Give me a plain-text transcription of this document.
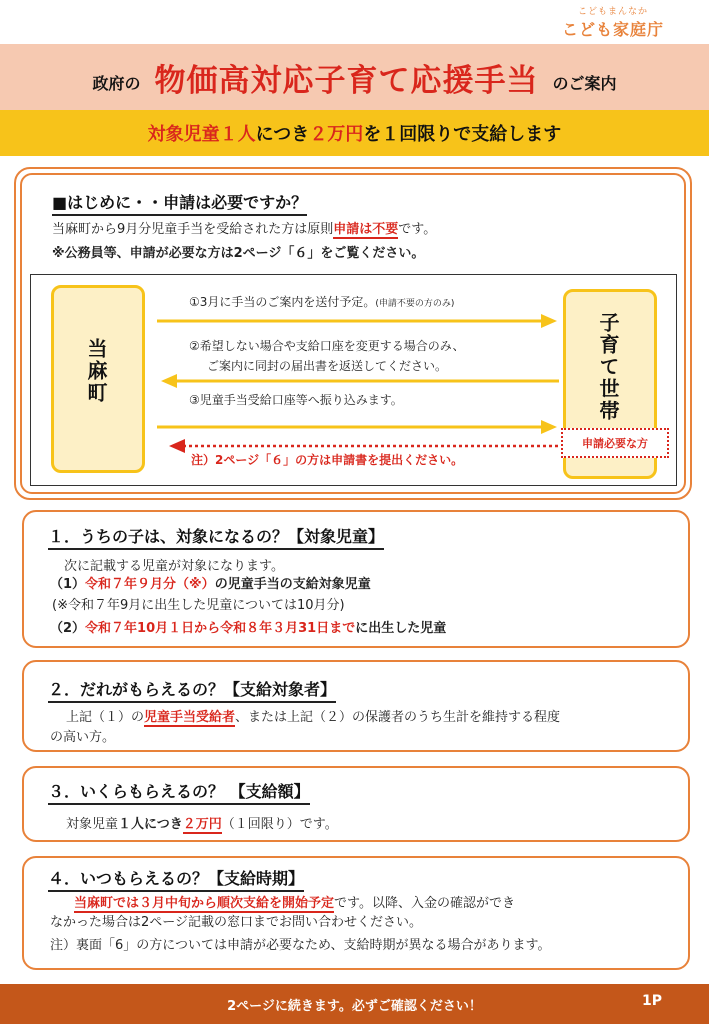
こどもまんなか
こども家庭庁
政府の 物価高対応子育て応援手当 のご案内
対象児童 １人 につき ２万円 を１回限りで支給します
■はじめに・・申請は必要ですか？
当麻町から9月分児童手当を受給された方は原則申請は不要です。
※公務員等、申請が必要な方は2ページ「６」をご覧ください。
当麻町	子育て世帯
①3月に手当のご案内を送付予定。(申請不要の方のみ)
②希望しない場合や支給口座を変更する場合のみ、
ご案内に同封の届出書を返送してください。
③児童手当受給口座等へ振り込みます。
注）2ページ「６」の方は申請書を提出ください。
申請必要な方
１．うちの子は、対象になるの？【対象児童】
次に記載する児童が対象になります。
（1）令和７年９月分（※）の児童手当の支給対象児童
(※令和７年9月に出生した児童については10月分)
（2）令和７年10月１日から令和８年３月31日までに出生した児童
２．だれがもらえるの？【支給対象者】
上記（１）の児童手当受給者、または上記（２）の保護者のうち生計を維持する程度
の高い方。
３．いくらもらえるの？ 【支給額】
対象児童１人につき２万円（１回限り）です。
４．いつもらえるの？【支給時期】
当麻町では３月中旬から順次支給を開始予定です。以降、入金の確認ができ
なかった場合は2ページ記載の窓口までお問い合わせください。
注）裏面「6」の方については申請が必要なため、支給時期が異なる場合があります。
2ページに続きます。必ずご確認ください！	1P
